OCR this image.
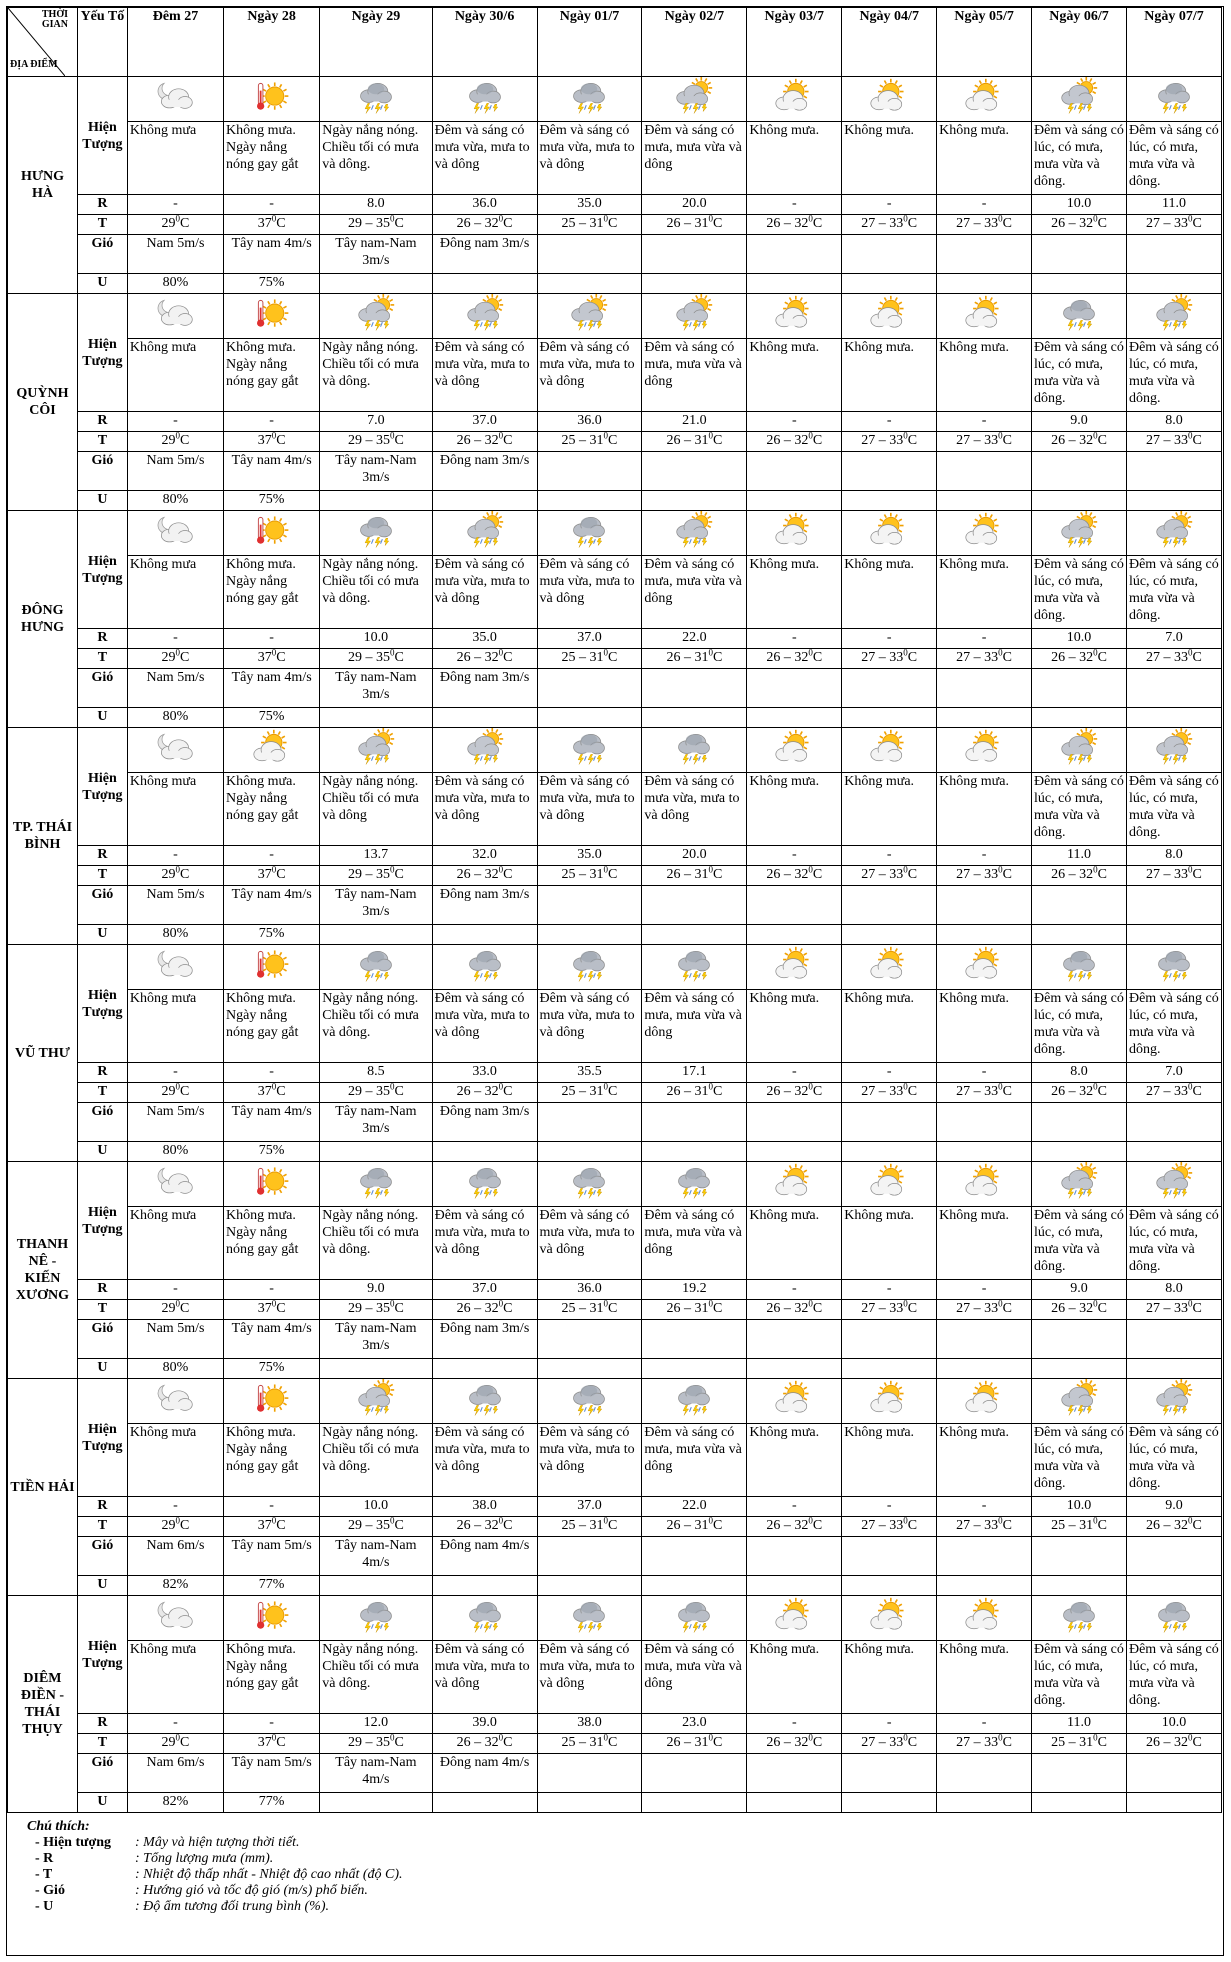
THỜI GIAN
ĐỊA ĐIỂM	Yếu Tố	Đêm 27	Ngày 28	Ngày 29	Ngày 30/6	Ngày 01/7	Ngày 02/7	Ngày 03/7	Ngày 04/7	Ngày 05/7	Ngày 06/7	Ngày 07/7
HƯNG HÀ	Hiện Tượng											
		Không mưa	Không mưa. Ngày nắng nóng gay gắt	Ngày nắng nóng. Chiều tối có mưa và dông.	Đêm và sáng có mưa vừa, mưa to và dông	Đêm và sáng có mưa vừa, mưa to và dông	Đêm và sáng có mưa, mưa vừa và dông	Không mưa.	Không mưa.	Không mưa.	Đêm và sáng có lúc, có mưa, mưa vừa và dông.	Đêm và sáng có lúc, có mưa, mưa vừa và dông.
	R	-	-	8.0	36.0	35.0	20.0	-	-	-	10.0	11.0
	T	$29^0C$	$37^0C$	$29 - 35^0C$	$26 - 32^0C$	$25 - 31^0C$	$26 - 31^0C$	$26 - 32^0C$	$27 - 33^0C$	$27 - 33^0C$	$26 - 32^0C$	$27 - 33^0C$
	Gió	Nam 5m/s	Tây nam 4m/s	Tây nam-Nam 3m/s	Đông nam 3m/s							
	U	80%	75%									
QUỲNH CÔI	Hiện Tượng											
		Không mưa	Không mưa. Ngày nắng nóng gay gắt	Ngày nắng nóng. Chiều tối có mưa và dông.	Đêm và sáng có mưa vừa, mưa to và dông	Đêm và sáng có mưa vừa, mưa to và dông	Đêm và sáng có mưa, mưa vừa và dông	Không mưa.	Không mưa.	Không mưa.	Đêm và sáng có lúc, có mưa, mưa vừa và dông.	Đêm và sáng có lúc, có mưa, mưa vừa và dông.
	R	-	-	7.0	37.0	36.0	21.0	-	-	-	9.0	8.0
	T	$29^0C$	$37^0C$	$29 - 35^0C$	$26 - 32^0C$	$25 - 31^0C$	$26 - 31^0C$	$26 - 32^0C$	$27 - 33^0C$	$27 - 33^0C$	$26 - 32^0C$	$27 - 33^0C$
	Gió	Nam 5m/s	Tây nam 4m/s	Tây nam-Nam 3m/s	Đông nam 3m/s							
	U	80%	75%									
ĐÔNG HƯNG	Hiện Tượng											
		Không mưa	Không mưa. Ngày nắng nóng gay gắt	Ngày nắng nóng. Chiều tối có mưa và dông.	Đêm và sáng có mưa vừa, mưa to và dông	Đêm và sáng có mưa vừa, mưa to và dông	Đêm và sáng có mưa, mưa vừa và dông	Không mưa.	Không mưa.	Không mưa.	Đêm và sáng có lúc, có mưa, mưa vừa và dông.	Đêm và sáng có lúc, có mưa, mưa vừa và dông.
	R	-	-	10.0	35.0	37.0	22.0	-	-	-	10.0	7.0
	T	$29^0C$	$37^0C$	$29 - 35^0C$	$26 - 32^0C$	$25 - 31^0C$	$26 - 31^0C$	$26 - 32^0C$	$27 - 33^0C$	$27 - 33^0C$	$26 - 32^0C$	$27 - 33^0C$
	Gió	Nam 5m/s	Tây nam 4m/s	Tây nam-Nam 3m/s	Đông nam 3m/s							
	U	80%	75%									
TP. THÁI BÌNH	Hiện Tượng											
		Không mưa	Không mưa. Ngày nắng nóng gay gắt	Ngày nắng nóng. Chiều tối có mưa và dông	Đêm và sáng có mưa vừa, mưa to và dông	Đêm và sáng có mưa vừa, mưa to và dông	Đêm và sáng có mưa vừa, mưa to và dông	Không mưa.	Không mưa.	Không mưa.	Đêm và sáng có lúc, có mưa, mưa vừa và dông.	Đêm và sáng có lúc, có mưa, mưa vừa và dông.
	R	-	-	13.7	32.0	35.0	20.0	-	-	-	11.0	8.0
	T	$29^0C$	$37^0C$	$29 - 35^0C$	$26 - 32^0C$	$25 - 31^0C$	$26 - 31^0C$	$26 - 32^0C$	$27 - 33^0C$	$27 - 33^0C$	$26 - 32^0C$	$27 - 33^0C$
	Gió	Nam 5m/s	Tây nam 4m/s	Tây nam-Nam 3m/s	Đông nam 3m/s							
	U	80%	75%									
VŨ THƯ	Hiện Tượng											
		Không mưa	Không mưa. Ngày nắng nóng gay gắt	Ngày nắng nóng. Chiều tối có mưa và dông.	Đêm và sáng có mưa vừa, mưa to và dông	Đêm và sáng có mưa vừa, mưa to và dông	Đêm và sáng có mưa, mưa vừa và dông	Không mưa.	Không mưa.	Không mưa.	Đêm và sáng có lúc, có mưa, mưa vừa và dông.	Đêm và sáng có lúc, có mưa, mưa vừa và dông.
	R	-	-	8.5	33.0	35.5	17.1	-	-	-	8.0	7.0
	T	$29^0C$	$37^0C$	$29 - 35^0C$	$26 - 32^0C$	$25 - 31^0C$	$26 - 31^0C$	$26 - 32^0C$	$27 - 33^0C$	$27 - 33^0C$	$26 - 32^0C$	$27 - 33^0C$
	Gió	Nam 5m/s	Tây nam 4m/s	Tây nam-Nam 3m/s	Đông nam 3m/s							
	U	80%	75%									
THANH NÊ - KIẾN XƯƠNG	Hiện Tượng											
		Không mưa	Không mưa. Ngày nắng nóng gay gắt	Ngày nắng nóng. Chiều tối có mưa và dông.	Đêm và sáng có mưa vừa, mưa to và dông	Đêm và sáng có mưa vừa, mưa to và dông	Đêm và sáng có mưa, mưa vừa và dông	Không mưa.	Không mưa.	Không mưa.	Đêm và sáng có lúc, có mưa, mưa vừa và dông.	Đêm và sáng có lúc, có mưa, mưa vừa và dông.
	R	-	-	9.0	37.0	36.0	19.2	-	-	-	9.0	8.0
	T	$29^0C$	$37^0C$	$29 - 35^0C$	$26 - 32^0C$	$25 - 31^0C$	$26 - 31^0C$	$26 - 32^0C$	$27 - 33^0C$	$27 - 33^0C$	$26 - 32^0C$	$27 - 33^0C$
	Gió	Nam 5m/s	Tây nam 4m/s	Tây nam-Nam 3m/s	Đông nam 3m/s							
	U	80%	75%									
TIỀN HẢI	Hiện Tượng											
		Không mưa	Không mưa. Ngày nắng nóng gay gắt	Ngày nắng nóng. Chiều tối có mưa và dông.	Đêm và sáng có mưa vừa, mưa to và dông	Đêm và sáng có mưa vừa, mưa to và dông	Đêm và sáng có mưa, mưa vừa và dông	Không mưa.	Không mưa.	Không mưa.	Đêm và sáng có lúc, có mưa, mưa vừa và dông.	Đêm và sáng có lúc, có mưa, mưa vừa và dông.
	R	-	-	10.0	38.0	37.0	22.0	-	-	-	10.0	9.0
	T	$29^0C$	$37^0C$	$29 - 35^0C$	$26 - 32^0C$	$25 - 31^0C$	$26 - 31^0C$	$26 - 32^0C$	$27 - 33^0C$	$27 - 33^0C$	$25 - 31^0C$	$26 - 32^0C$
	Gió	Nam 6m/s	Tây nam 5m/s	Tây nam-Nam 4m/s	Đông nam 4m/s							
	U	82%	77%									
DIÊM ĐIỀN - THÁI THỤY	Hiện Tượng											
		Không mưa	Không mưa. Ngày nắng nóng gay gắt	Ngày nắng nóng. Chiều tối có mưa và dông.	Đêm và sáng có mưa vừa, mưa to và dông	Đêm và sáng có mưa vừa, mưa to và dông	Đêm và sáng có mưa, mưa vừa và dông	Không mưa.	Không mưa.	Không mưa.	Đêm và sáng có lúc, có mưa, mưa vừa và dông.	Đêm và sáng có lúc, có mưa, mưa vừa và dông.
	R	-	-	12.0	39.0	38.0	23.0	-	-	-	11.0	10.0
	T	$29^0C$	$37^0C$	$29 - 35^0C$	$26 - 32^0C$	$25 - 31^0C$	$26 - 31^0C$	$26 - 32^0C$	$27 - 33^0C$	$27 - 33^0C$	$25 - 31^0C$	$26 - 32^0C$
	Gió	Nam 6m/s	Tây nam 5m/s	Tây nam-Nam 4m/s	Đông nam 4m/s							
	U	82%	77%									
Chú thích:
- Hiện tượng	: Mây và hiện tượng thời tiết.
- R	: Tổng lượng mưa (mm).
- T	: Nhiệt độ thấp nhất - Nhiệt độ cao nhất (độ C).
- Gió	: Hướng gió và tốc độ gió (m/s) phổ biến.
- U	: Độ ẩm tương đối trung bình (%).
